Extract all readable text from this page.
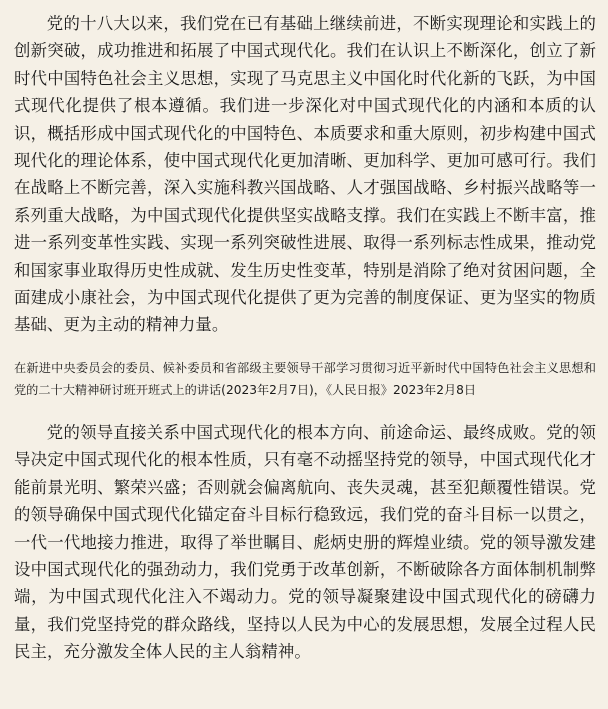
党的十八大以来，我们党在已有基础上继续前进，不断实现理论和实践上的创新突破，成功推进和拓展了中国式现代化。我们在认识上不断深化，创立了新时代中国特色社会主义思想，实现了马克思主义中国化时代化新的飞跃，为中国式现代化提供了根本遵循。我们进一步深化对中国式现代化的内涵和本质的认识，概括形成中国式现代化的中国特色、本质要求和重大原则，初步构建中国式现代化的理论体系，使中国式现代化更加清晰、更加科学、更加可感可行。我们在战略上不断完善，深入实施科教兴国战略、人才强国战略、乡村振兴战略等一系列重大战略，为中国式现代化提供坚实战略支撑。我们在实践上不断丰富，推进一系列变革性实践、实现一系列突破性进展、取得一系列标志性成果，推动党和国家事业取得历史性成就、发生历史性变革，特别是消除了绝对贫困问题，全面建成小康社会，为中国式现代化提供了更为完善的制度保证、更为坚实的物质基础、更为主动的精神力量。

在新进中央委员会的委员、候补委员和省部级主要领导干部学习贯彻习近平新时代中国特色社会主义思想和党的二十大精神研讨班开班式上的讲话(2023年2月7日)，《人民日报》2023年2月8日

党的领导直接关系中国式现代化的根本方向、前途命运、最终成败。党的领导决定中国式现代化的根本性质，只有毫不动摇坚持党的领导，中国式现代化才能前景光明、繁荣兴盛；否则就会偏离航向、丧失灵魂，甚至犯颠覆性错误。党的领导确保中国式现代化锚定奋斗目标行稳致远，我们党的奋斗目标一以贯之，一代一代地接力推进，取得了举世瞩目、彪炳史册的辉煌业绩。党的领导激发建设中国式现代化的强劲动力，我们党勇于改革创新，不断破除各方面体制机制弊端，为中国式现代化注入不竭动力。党的领导凝聚建设中国式现代化的磅礴力量，我们党坚持党的群众路线，坚持以人民为中心的发展思想，发展全过程人民民主，充分激发全体人民的主人翁精神。
